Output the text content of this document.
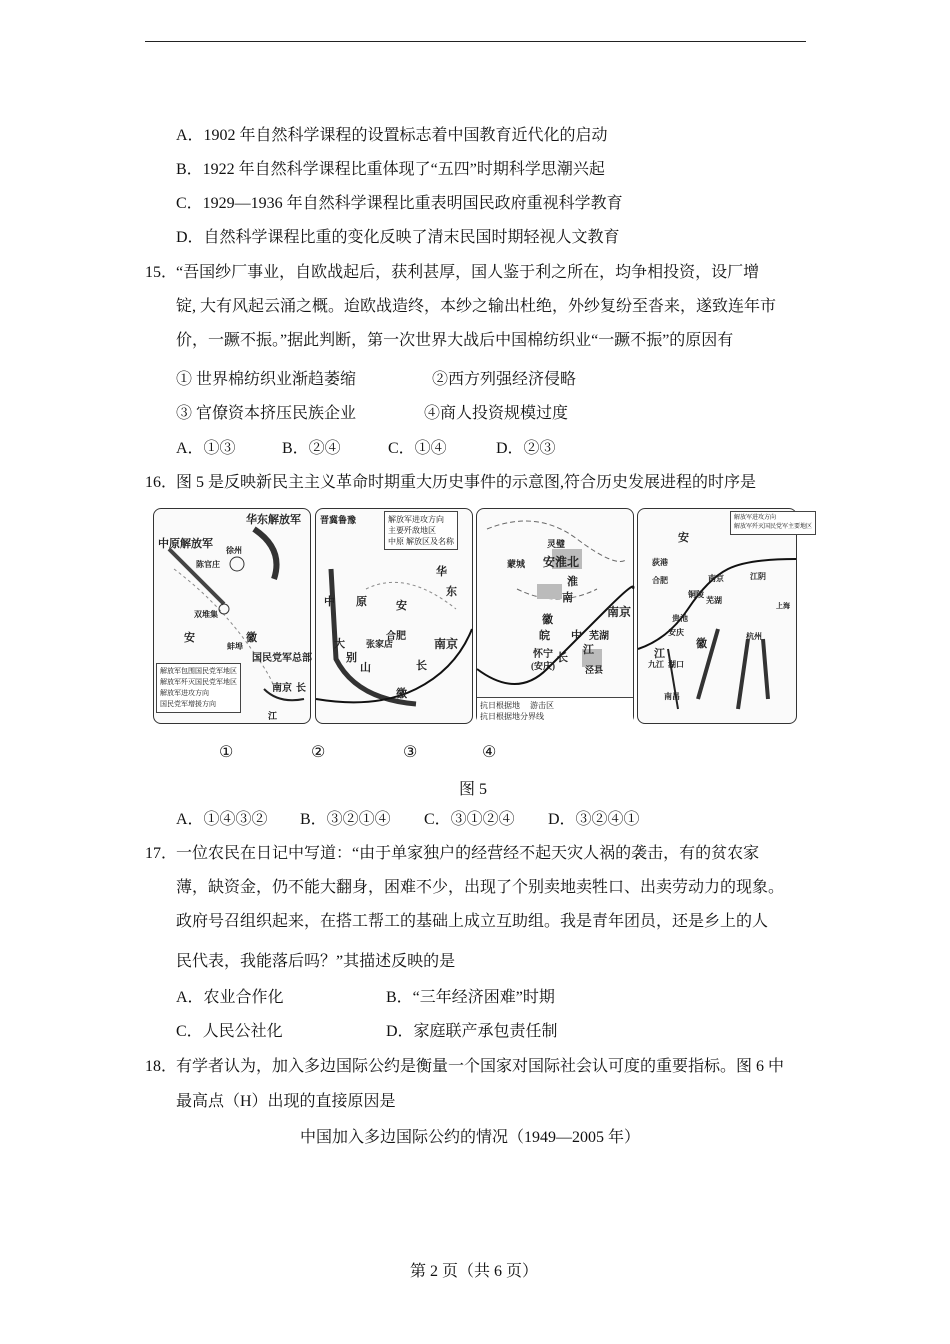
A．1902 年自然科学课程的设置标志着中国教育近代化的启动
B．1922 年自然科学课程比重体现了“五四”时期科学思潮兴起
C．1929—1936 年自然科学课程比重表明国民政府重视科学教育
D．自然科学课程比重的变化反映了清末民国时期轻视人文教育
15．
“吾国纱厂事业，自欧战起后，获利甚厚，国人鉴于利之所在，均争相投资，设厂增
锭, 大有风起云涌之概。迨欧战造终，本纱之输出杜绝，外纱复纷至沓来，遂致连年市
价，一蹶不振。”据此判断，第一次世界大战后中国棉纺织业“一蹶不振”的原因有
① 世界棉纺织业渐趋萎缩	②西方列强经济侵略
③ 官僚资本挤压民族企业	④商人投资规模过度
A．①③	B．②④	C．①④	D．②③
16．
图 5 是反映新民主主义革命时期重大历史事件的示意图,符合历史发展进程的时序是
华东解放军
中原解放军
徐州
陈官庄
双堆集
安	徽
蚌埠
国民党军总部
南京 长
江
解放军包围国民党军地区
解放军歼灭国民党军地区
解放军进攻方向
国民党军增援方向
晋冀鲁豫
中 原
华
东
安
合肥
张家店
大
别
山
南京
长
徽
解放军进攻方向
主要歼敌地区
中原 解放区及名称	灵璧
蒙城 安淮北
淮
南
南京
皖 中 芜湖
怀宁
(安庆)
长
江
泾县
徽
抗日根据地 游击区
抗日根据地分界线
安
荻港
合肥	南京	江阴
上海
芜湖
铜陵
贵池
安庆	杭州
九江 湖口
南昌
江
徽
解放军进攻方向
解放军歼灭国民党军主要地区
①	②	③	④
图 5
A．①④③② B．③②①④ C．③①②④ D．③②④①
17．
一位农民在日记中写道：“由于单家独户的经营经不起天灾人祸的袭击，有的贫农家
薄，缺资金，仍不能大翻身，困难不少，出现了个别卖地卖牲口、出卖劳动力的现象。
政府号召组织起来，在搭工帮工的基础上成立互助组。我是青年团员，还是乡上的人
民代表，我能落后吗？”其描述反映的是
A．农业合作化	B．“三年经济困难”时期
C．人民公社化	D．家庭联产承包责任制
18．
有学者认为，加入多边国际公约是衡量一个国家对国际社会认可度的重要指标。图 6 中
最高点（H）出现的直接原因是
中国加入多边国际公约的情况（1949—2005 年）
第 2 页（共 6 页）
